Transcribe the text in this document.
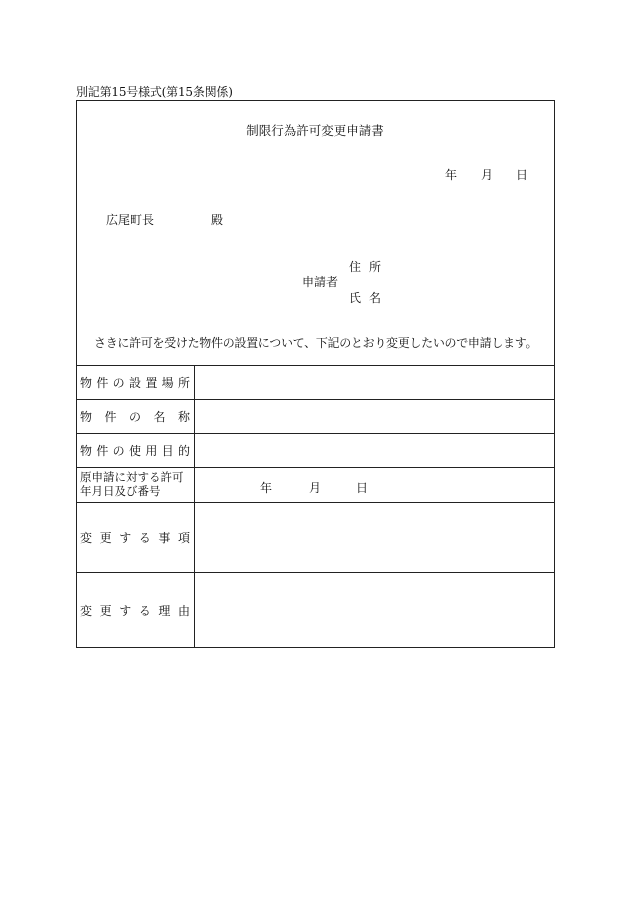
別記第15号様式(第15条関係)
制限行為許可変更申請書
年 月 日
広尾町長	殿
申請者
住所
氏名
さきに許可を受けた物件の設置について、下記のとおり変更したいので申請します。
物 件 の 設 置 場 所
物 件 の 名 称
物 件 の 使 用 目 的
原申請に対する許可
年月日及び番号	年	月	日
変 更 す る 事 項
変 更 す る 理 由
